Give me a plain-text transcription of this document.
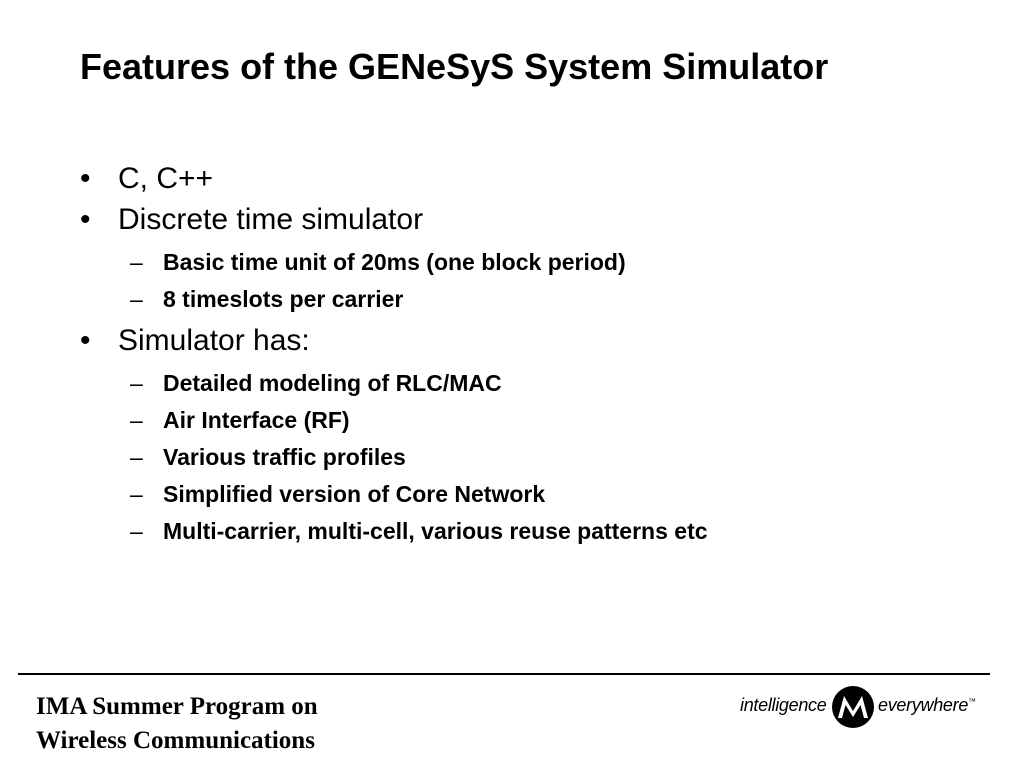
Features of the GENeSyS System Simulator
• C, C++
• Discrete time simulator
– Basic time unit of 20ms (one block period)
– 8 timeslots per carrier
• Simulator has:
– Detailed modeling of RLC/MAC
– Air Interface (RF)
– Various traffic profiles
– Simplified version of Core Network
– Multi-carrier, multi-cell, various reuse patterns etc
IMA Summer Program on
Wireless Communications
intelligence	everywhere™
